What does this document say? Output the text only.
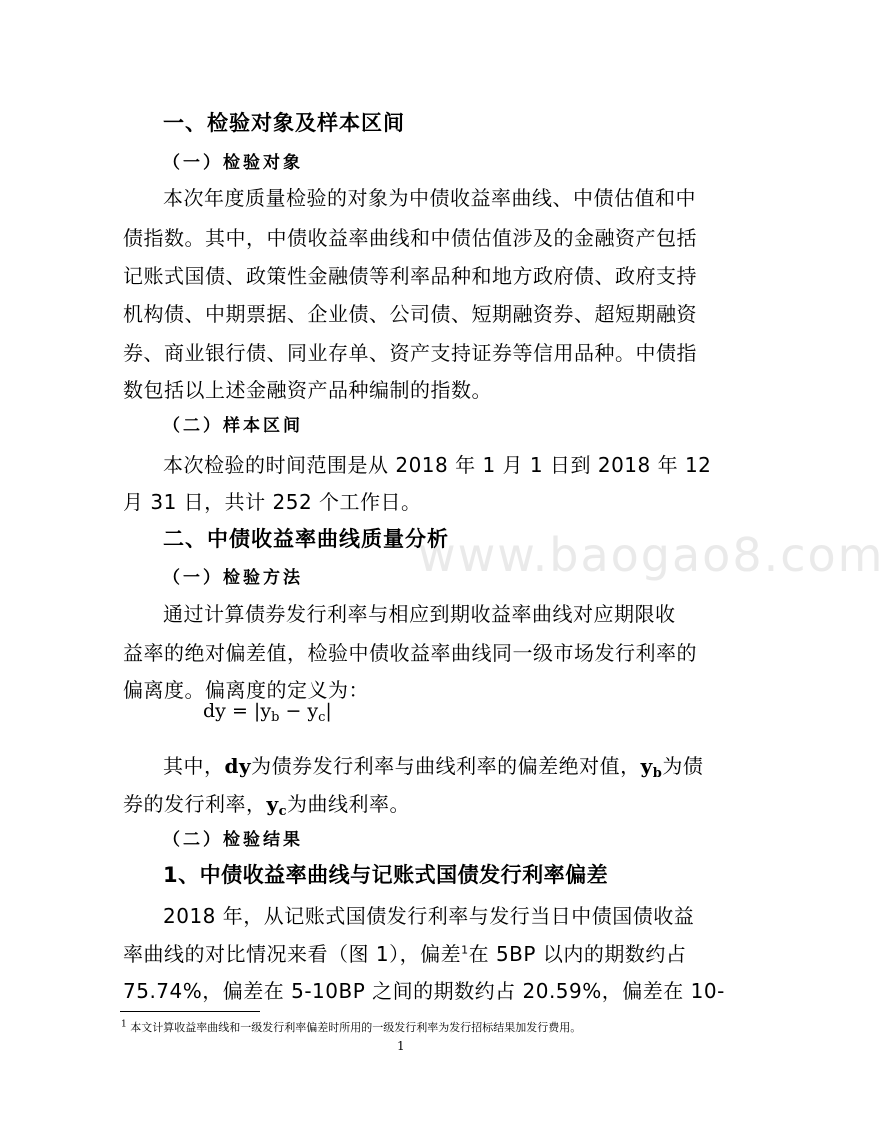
www.baogao8.com
一、检验对象及样本区间
（一）检验对象
本次年度质量检验的对象为中债收益率曲线、中债估值和中
债指数。其中，中债收益率曲线和中债估值涉及的金融资产包括
记账式国债、政策性金融债等利率品种和地方政府债、政府支持
机构债、中期票据、企业债、公司债、短期融资券、超短期融资
券、商业银行债、同业存单、资产支持证券等信用品种。中债指
数包括以上述金融资产品种编制的指数。
（二）样本区间
本次检验的时间范围是从 2018 年 1 月 1 日到 2018 年 12
月 31 日，共计 252 个工作日。
二、中债收益率曲线质量分析
（一）检验方法
通过计算债券发行利率与相应到期收益率曲线对应期限收
益率的绝对偏差值，检验中债收益率曲线同一级市场发行利率的
偏离度。偏离度的定义为：
dy = $|y_b - y_c|$
其中，dy为债券发行利率与曲线利率的偏差绝对值，$y_b$为债
券的发行利率，$y_c$为曲线利率。
（二）检验结果
1、中债收益率曲线与记账式国债发行利率偏差
2018 年，从记账式国债发行利率与发行当日中债国债收益
率曲线的对比情况来看（图 1），偏差$^1$在 5BP 以内的期数约占
75.74%，偏差在 5-10BP 之间的期数约占 20.59%，偏差在 10-
$^1$ 本文计算收益率曲线和一级发行利率偏差时所用的一级发行利率为发行招标结果加发行费用。
1
